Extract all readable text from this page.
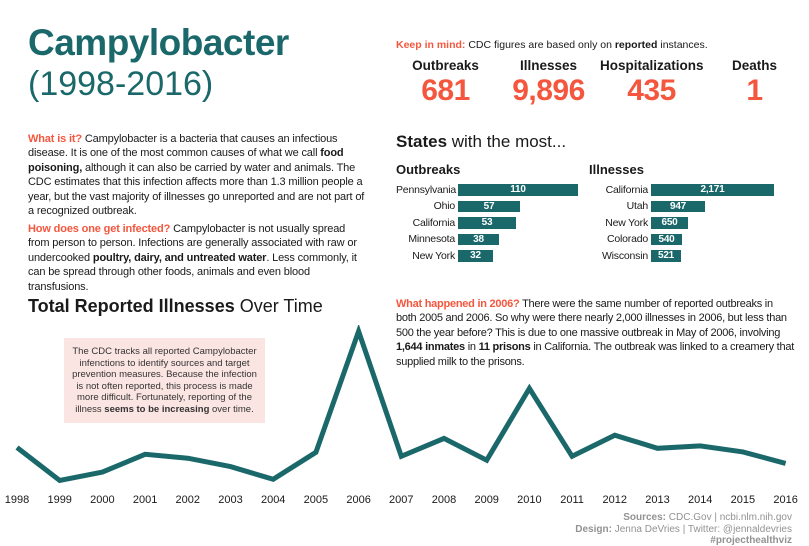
Campylobacter
(1998-2016)
Keep in mind: CDC figures are based only on reported instances.
Outbreaks
681
Illnesses
9,896
Hospitalizations
435
Deaths
1

What is it? Campylobacter is a bacteria that causes an infectious disease. It is one of the most common causes of what we call food poisoning, although it can also be carried by water and animals. The CDC estimates that this infection affects more than 1.3 million people a year, but the vast majority of illnesses go unreported and are not part of a recognized outbreak.

How does one get infected? Campylobacter is not usually spread from person to person. Infections are generally associated with raw or undercooked poultry, dairy, and untreated water. Less commonly, it can be spread through other foods, animals and even blood transfusions.

Total Reported Illnesses Over Time
States with the most...
Outbreaks
Pennsylvania	110
Ohio	57
California	53
Minnesota	38
New York	32
Illnesses
California	2,171
Utah	947
New York	650
Colorado	540
Wisconsin 521

What happened in 2006? There were the same number of reported outbreaks in both 2005 and 2006. So why were there nearly 2,000 illnesses in 2006, but less than 500 the year before? This is due to one massive outbreak in May of 2006, involving 1,644 inmates in 11 prisons in California. The outbreak was linked to a creamery that supplied milk to the prisons.

The CDC tracks all reported Campylobacter infenctions to identify sources and target prevention measures. Because the infection is not often reported, this process is made more difficult. Fortunately, reporting of the illness seems to be increasing over time.
1998 1999 2000 2001 2002 2003 2004 2005 2006 2007 2008 2009 2010 2011 2012 2013 2014 2015 2016
Sources: CDC.Gov | ncbi.nlm.nih.gov
Design: Jenna DeVries | Twitter: @jennaldevries
#projecthealthviz
